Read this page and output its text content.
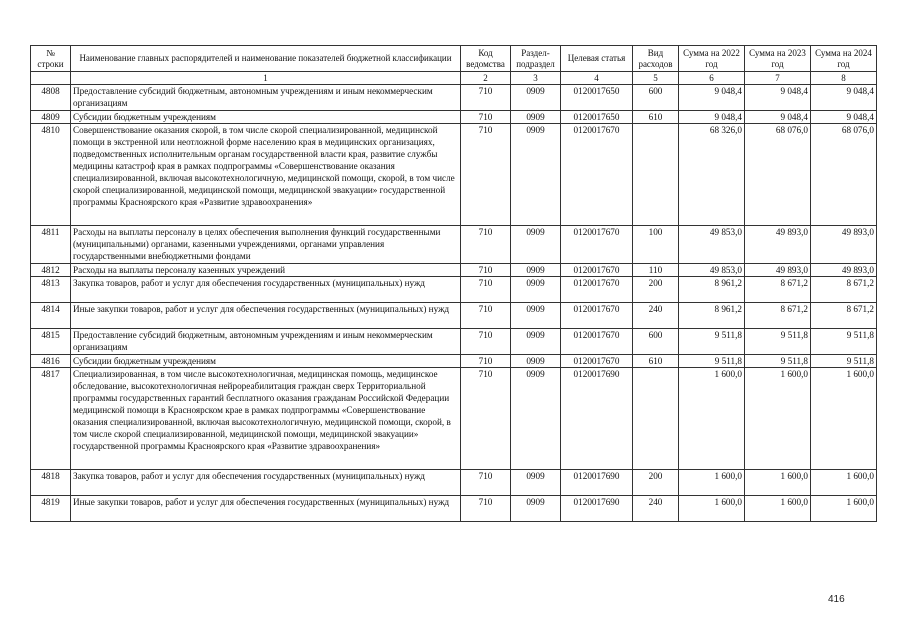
№ строки	Наименование главных распорядителей и наименование показателей бюджетной классификации	Код ведомства	Раздел-подраздел	Целевая статья	Вид расходов	Сумма на 2022 год	Сумма на 2023 год	Сумма на 2024 год
	1	2	3	4	5	6	7	8
4808	Предоставление субсидий бюджетным, автономным учреждениям и иным некоммерческим организациям	710	0909	0120017650	600	9 048,4	9 048,4	9 048,4
4809	Субсидии бюджетным учреждениям	710	0909	0120017650	610	9 048,4	9 048,4	9 048,4
4810	Совершенствование оказания скорой, в том числе скорой специализированной, медицинской помощи в экстренной или неотложной форме населению края в медицинских организациях, подведомственных исполнительным органам государственной власти края, развитие службы медицины катастроф края в рамках подпрограммы «Совершенствование оказания специализированной, включая высокотехнологичную, медицинской помощи, скорой, в том числе скорой специализированной, медицинской помощи, медицинской эвакуации» государственной программы Красноярского края «Развитие здравоохранения»	710	0909	0120017670		68 326,0	68 076,0	68 076,0
4811	Расходы на выплаты персоналу в целях обеспечения выполнения функций государственными (муниципальными) органами, казенными учреждениями, органами управления государственными внебюджетными фондами	710	0909	0120017670	100	49 853,0	49 893,0	49 893,0
4812	Расходы на выплаты персоналу казенных учреждений	710	0909	0120017670	110	49 853,0	49 893,0	49 893,0
4813	Закупка товаров, работ и услуг для обеспечения государственных (муниципальных) нужд	710	0909	0120017670	200	8 961,2	8 671,2	8 671,2
4814	Иные закупки товаров, работ и услуг для обеспечения государственных (муниципальных) нужд	710	0909	0120017670	240	8 961,2	8 671,2	8 671,2
4815	Предоставление субсидий бюджетным, автономным учреждениям и иным некоммерческим организациям	710	0909	0120017670	600	9 511,8	9 511,8	9 511,8
4816	Субсидии бюджетным учреждениям	710	0909	0120017670	610	9 511,8	9 511,8	9 511,8
4817	Специализированная, в том числе высокотехнологичная, медицинская помощь, медицинское обследование, высокотехнологичная нейрореабилитация граждан сверх Территориальной программы государственных гарантий бесплатного оказания гражданам Российской Федерации медицинской помощи в Красноярском крае в рамках подпрограммы «Совершенствование оказания специализированной, включая высокотехнологичную, медицинской помощи, скорой, в том числе скорой специализированной, медицинской помощи, медицинской эвакуации» государственной программы Красноярского края «Развитие здравоохранения»	710	0909	0120017690		1 600,0	1 600,0	1 600,0
4818	Закупка товаров, работ и услуг для обеспечения государственных (муниципальных) нужд	710	0909	0120017690	200	1 600,0	1 600,0	1 600,0
4819	Иные закупки товаров, работ и услуг для обеспечения государственных (муниципальных) нужд	710	0909	0120017690	240	1 600,0	1 600,0	1 600,0
416
